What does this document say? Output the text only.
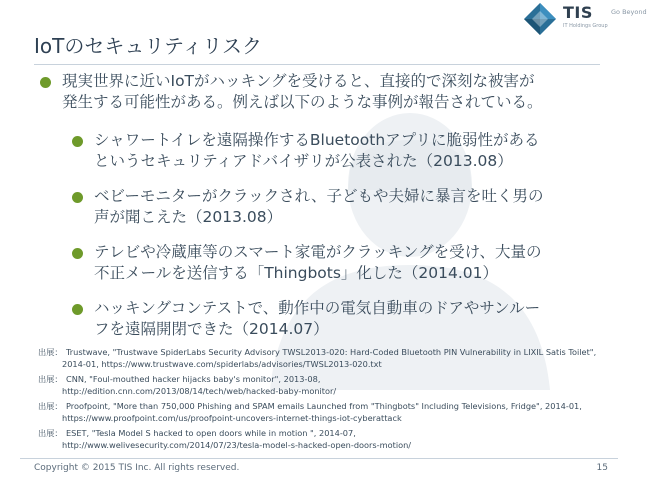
TIS
IT Holdings Group
Go Beyond
IoTのセキュリティリスク
現実世界に近いIoTがハッキングを受けると、直接的で深刻な被害が
発生する可能性がある。例えば以下のような事例が報告されている。
シャワートイレを遠隔操作するBluetoothアプリに脆弱性がある
というセキュリティアドバイザリが公表された（2013.08）
ベビーモニターがクラックされ、子どもや夫婦に暴言を吐く男の
声が聞こえた（2013.08）
テレビや冷蔵庫等のスマート家電がクラッキングを受け、大量の
不正メールを送信する「Thingbots」化した（2014.01）
ハッキングコンテストで、動作中の電気自動車のドアやサンルー
フを遠隔開閉できた（2014.07）
出展： Trustwave, "Trustwave SpiderLabs Security Advisory TWSL2013-020: Hard-Coded Bluetooth PIN Vulnerability in LIXIL Satis Toilet",
2014-01, https://www.trustwave.com/spiderlabs/advisories/TWSL2013-020.txt
出展： CNN, "Foul-mouthed hacker hijacks baby's monitor", 2013-08,
http://edition.cnn.com/2013/08/14/tech/web/hacked-baby-monitor/
出展： Proofpoint, "More than 750,000 Phishing and SPAM emails Launched from "Thingbots" Including Televisions, Fridge", 2014-01,
https://www.proofpoint.com/us/proofpoint-uncovers-internet-things-iot-cyberattack
出展： ESET, "Tesla Model S hacked to open doors while in motion ", 2014-07,
http://www.welivesecurity.com/2014/07/23/tesla-model-s-hacked-open-doors-motion/
Copyright © 2015 TIS Inc. All rights reserved.	15
